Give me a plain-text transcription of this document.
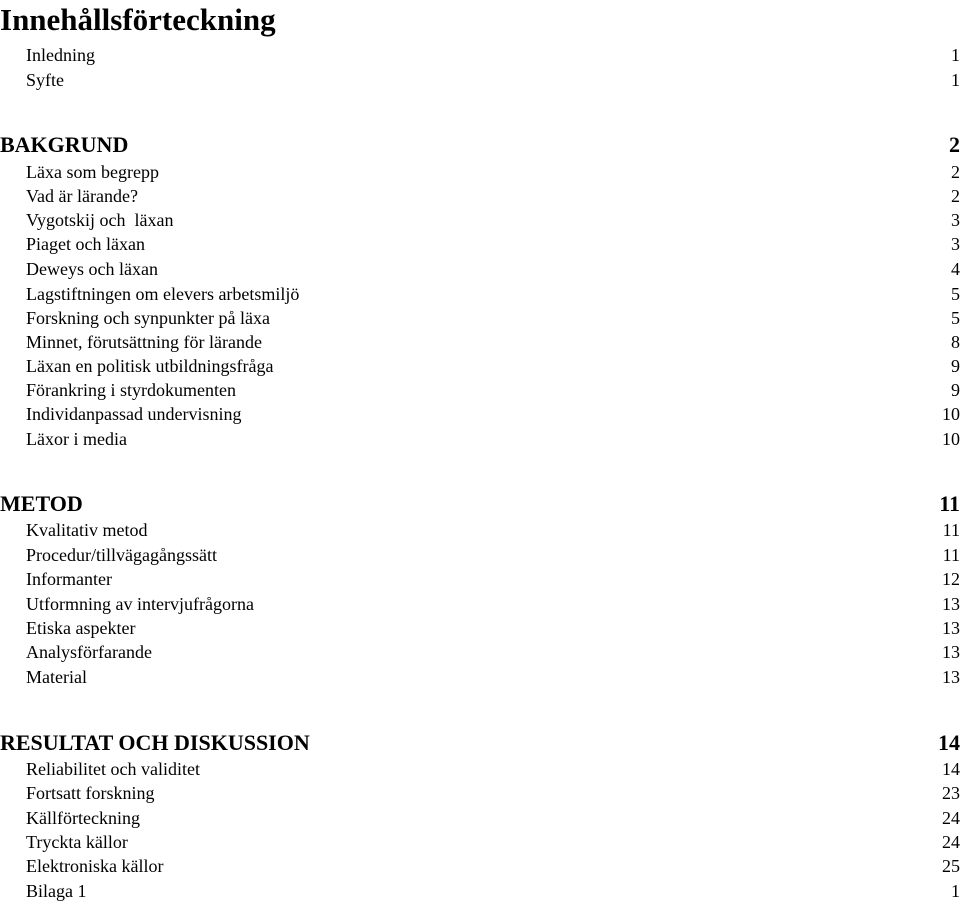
Innehållsförteckning
Inledning	1
Syfte	1
BAKGRUND	2
Läxa som begrepp	2
Vad är lärande?	2
Vygotskij och  läxan	3
Piaget och läxan	3
Deweys och läxan	4
Lagstiftningen om elevers arbetsmiljö	5
Forskning och synpunkter på läxa	5
Minnet, förutsättning för lärande	8
Läxan en politisk utbildningsfråga	9
Förankring i styrdokumenten	9
Individanpassad undervisning	10
Läxor i media	10
METOD	11
Kvalitativ metod	11
Procedur/tillvägagångssätt	11
Informanter	12
Utformning av intervjufrågorna	13
Etiska aspekter	13
Analysförfarande	13
Material	13
RESULTAT OCH DISKUSSION	14
Reliabilitet och validitet	14
Fortsatt forskning	23
Källförteckning	24
Tryckta källor	24
Elektroniska källor	25
Bilaga 1	1
